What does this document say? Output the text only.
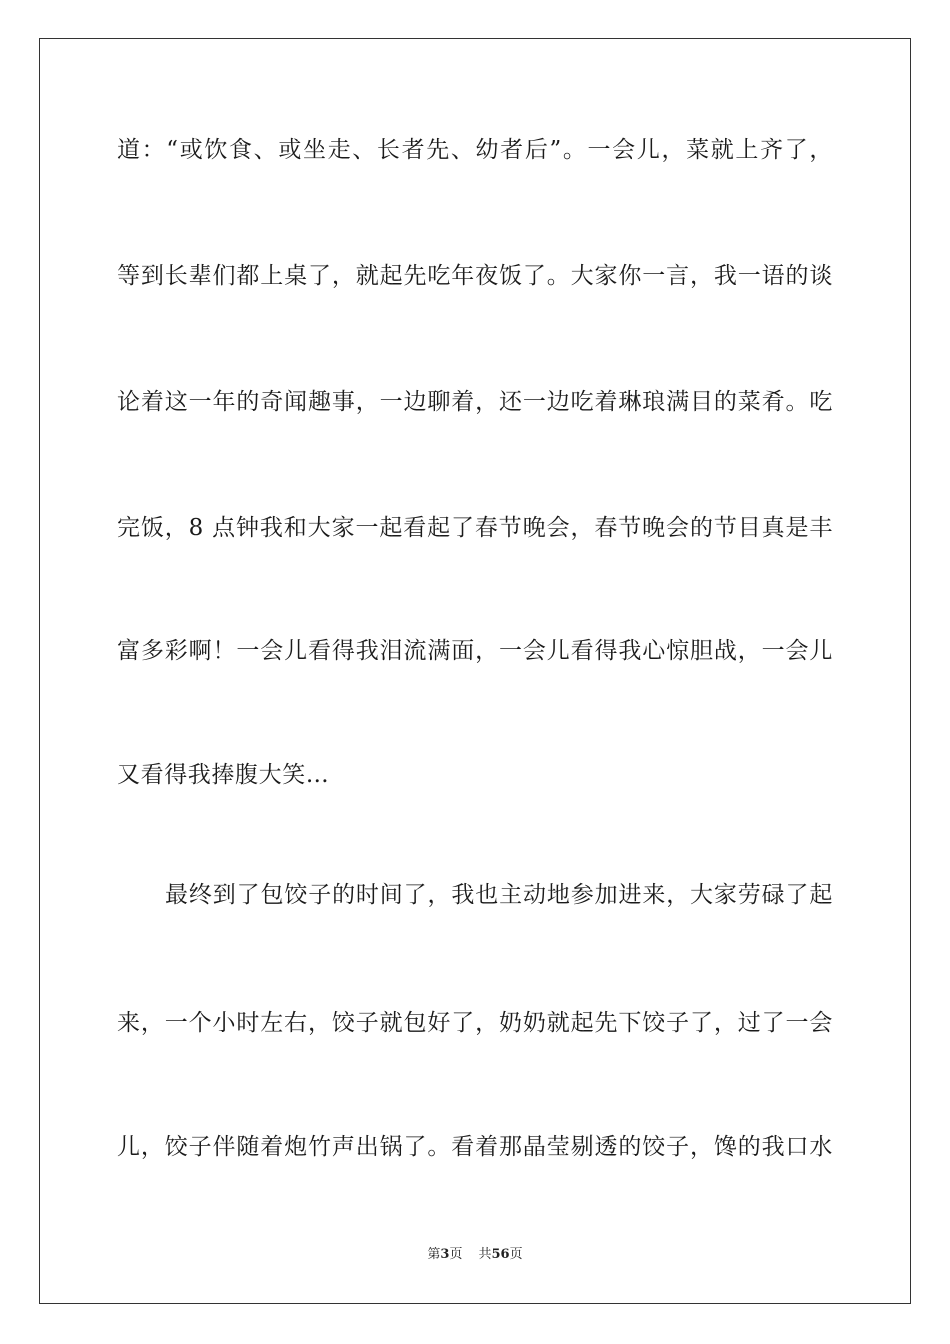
道：“或饮食、或坐走、长者先、幼者后”。一会儿，菜就上齐了，
等到长辈们都上桌了，就起先吃年夜饭了。大家你一言，我一语的谈
论着这一年的奇闻趣事，一边聊着，还一边吃着琳琅满目的菜肴。吃
完饭，8 点钟我和大家一起看起了春节晚会，春节晚会的节目真是丰
富多彩啊！一会儿看得我泪流满面，一会儿看得我心惊胆战，一会儿
又看得我捧腹大笑…
最终到了包饺子的时间了，我也主动地参加进来，大家劳碌了起
来，一个小时左右，饺子就包好了，奶奶就起先下饺子了，过了一会
儿，饺子伴随着炮竹声出锅了。看着那晶莹剔透的饺子，馋的我口水
第3页 共56页
